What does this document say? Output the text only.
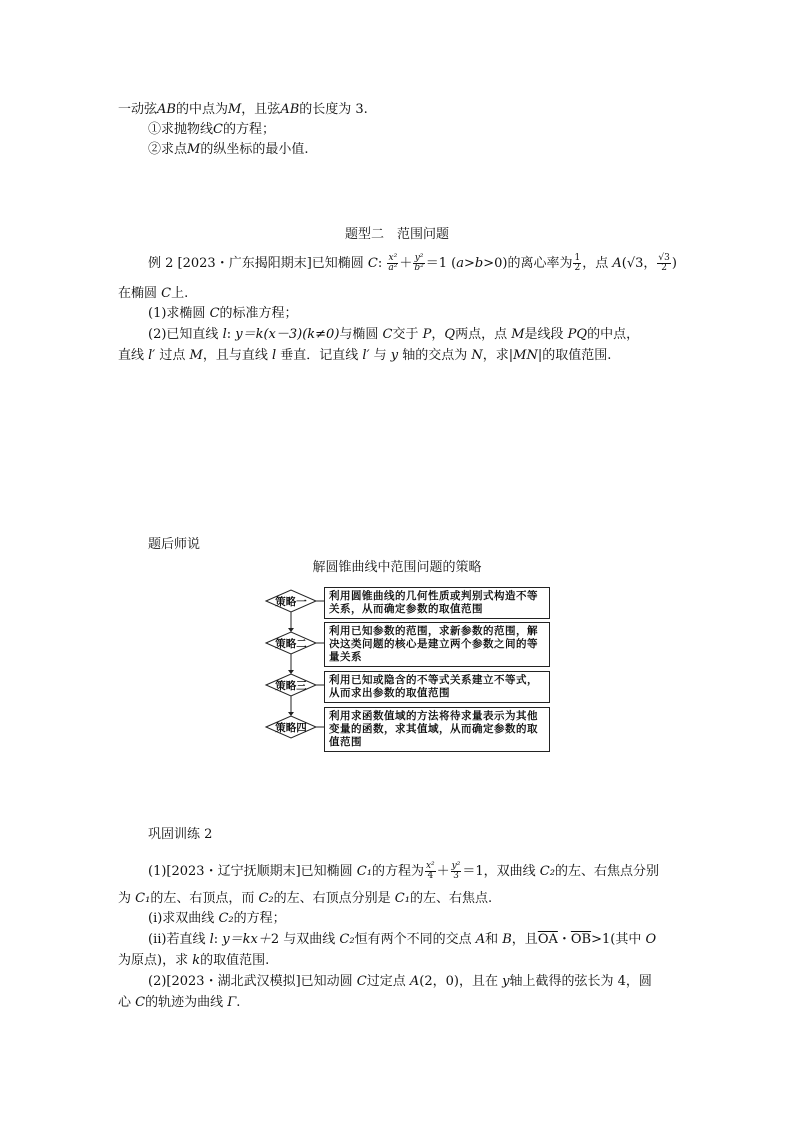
一动弦AB的中点为M，且弦AB的长度为 3.
①求抛物线C的方程；
②求点M的纵坐标的最小值.
题型二　范围问题
例 2 [2023・广东揭阳期末]已知椭圆 C: $\frac{\text{x²}}{\text{a²}} + \frac{\text{y²}}{\text{b²}} =1$ (a>b>0)的离心率为 $\frac{1}{2}$ ，点 A(√3， $\frac{√3}{2}$ )
在椭圆 C上.
(1)求椭圆 C的标准方程；
(2)已知直线 l: y＝k(x－3)(k≠0)与椭圆 C交于 P，Q两点，点 M是线段 PQ的中点，
直线 l′ 过点 M，且与直线 l 垂直．记直线 l′ 与 y 轴的交点为 N，求|MN|的取值范围.
题后师说
解圆锥曲线中范围问题的策略
策略一
策略二
策略三
策略四
利用圆锥曲线的几何性质或判别式构造不等关系，从而确定参数的取值范围
利用已知参数的范围，求新参数的范围，解决这类问题的核心是建立两个参数之间的等量关系
利用已知或隐含的不等式关系建立不等式，从而求出参数的取值范围
利用求函数值域的方法将待求量表示为其他变量的函数，求其值域，从而确定参数的取值范围
巩固训练 2
(1)[2023・辽宁抚顺期末]已知椭圆 C₁的方程为 $\frac{\text{x²}}{4} + \frac{\text{y²}}{3} =1$，双曲线 C₂的左、右焦点分别
为 C₁的左、右顶点，而 C₂的左、右顶点分别是 C₁的左、右焦点.
(ⅰ)求双曲线 C₂的方程；
(ⅱ)若直线 l: y＝kx＋2 与双曲线 C₂恒有两个不同的交点 A和 B，且$\overline{OA}$・$\overline{OB}>1$(其中 O
为原点)，求 k的取值范围.
(2)[2023・湖北武汉模拟]已知动圆 C过定点 A(2，0)，且在 y轴上截得的弦长为 4，圆
心 C的轨迹为曲线 Γ.
